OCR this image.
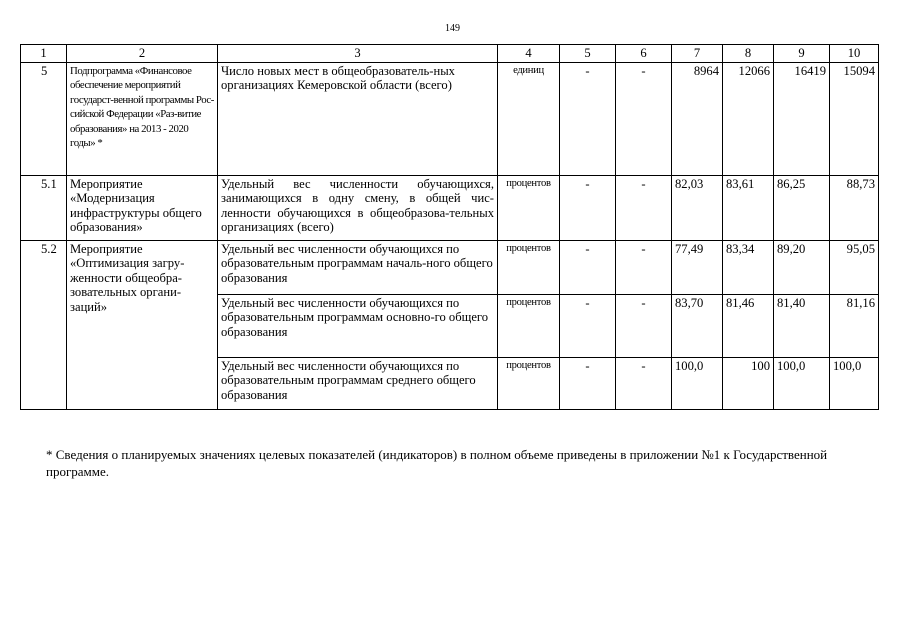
149
1	2	3	4	5	6	7	8	9	10
5	Подпрограмма «Финансовое обеспечение мероприятий государст-венной программы Рос-сийской Федерации «Раз-витие образования» на 2013 - 2020 годы» *	Число новых мест в общеобразователь-ных организациях Кемеровской области (всего)	единиц	-	-	8964	12066	16419	15094
5.1	Мероприятие «Модернизация инфраструктуры общего образования»	Удельный вес численности обучающихся, занимающихся в одну смену, в общей чис-ленности обучающихся в общеобразова-тельных организациях (всего)	процентов	-	-	82,03	83,61	86,25	88,73
5.2	Мероприятие «Оптимизация загру-женности общеобра-зовательных органи-заций»	Удельный вес численности обучающихся по образовательным программам началь-ного общего образования	процентов	-	-	77,49	83,34	89,20	95,05
		Удельный вес численности обучающихся по образовательным программам основно-го общего образования	процентов	-	-	83,70	81,46	81,40	81,16
		Удельный вес численности обучающихся по образовательным программам среднего общего образования	процентов	-	-	100,0	100	100,0	100,0
* Сведения о планируемых значениях целевых показателей (индикаторов) в полном объеме приведены в приложении №1 к Государственной программе.
